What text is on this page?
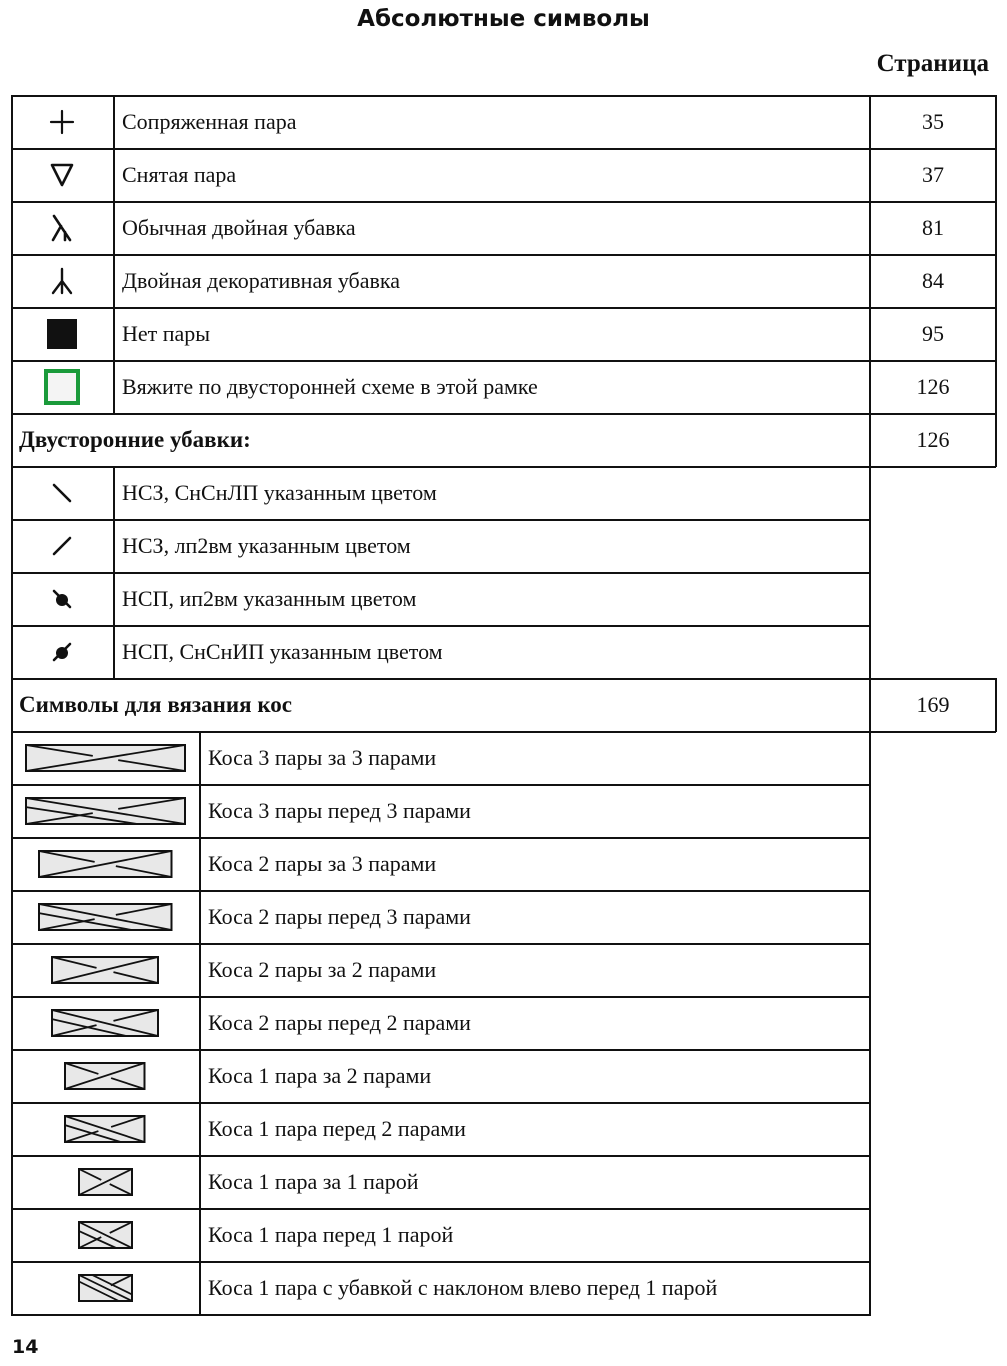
Абсолютные символы
Страница
Сопряженная пара	35
Снятая пара	37
Обычная двойная убавка	81
Двойная декоративная убавка	84
Нет пары	95
Вяжите по двусторонней схеме в этой рамке	126
Двусторонние убавки:	126
НСЗ, СнСнЛП указанным цветом
НСЗ, лп2вм указанным цветом
НСП, ип2вм указанным цветом
НСП, СнСнИП указанным цветом
Символы для вязания кос	169
Коса 3 пары за 3 парами
Коса 3 пары перед 3 парами
Коса 2 пары за 3 парами
Коса 2 пары перед 3 парами
Коса 2 пары за 2 парами
Коса 2 пары перед 2 парами
Коса 1 пара за 2 парами
Коса 1 пара перед 2 парами
Коса 1 пара за 1 парой
Коса 1 пара перед 1 парой
Коса 1 пара с убавкой с наклоном влево перед 1 парой
14
